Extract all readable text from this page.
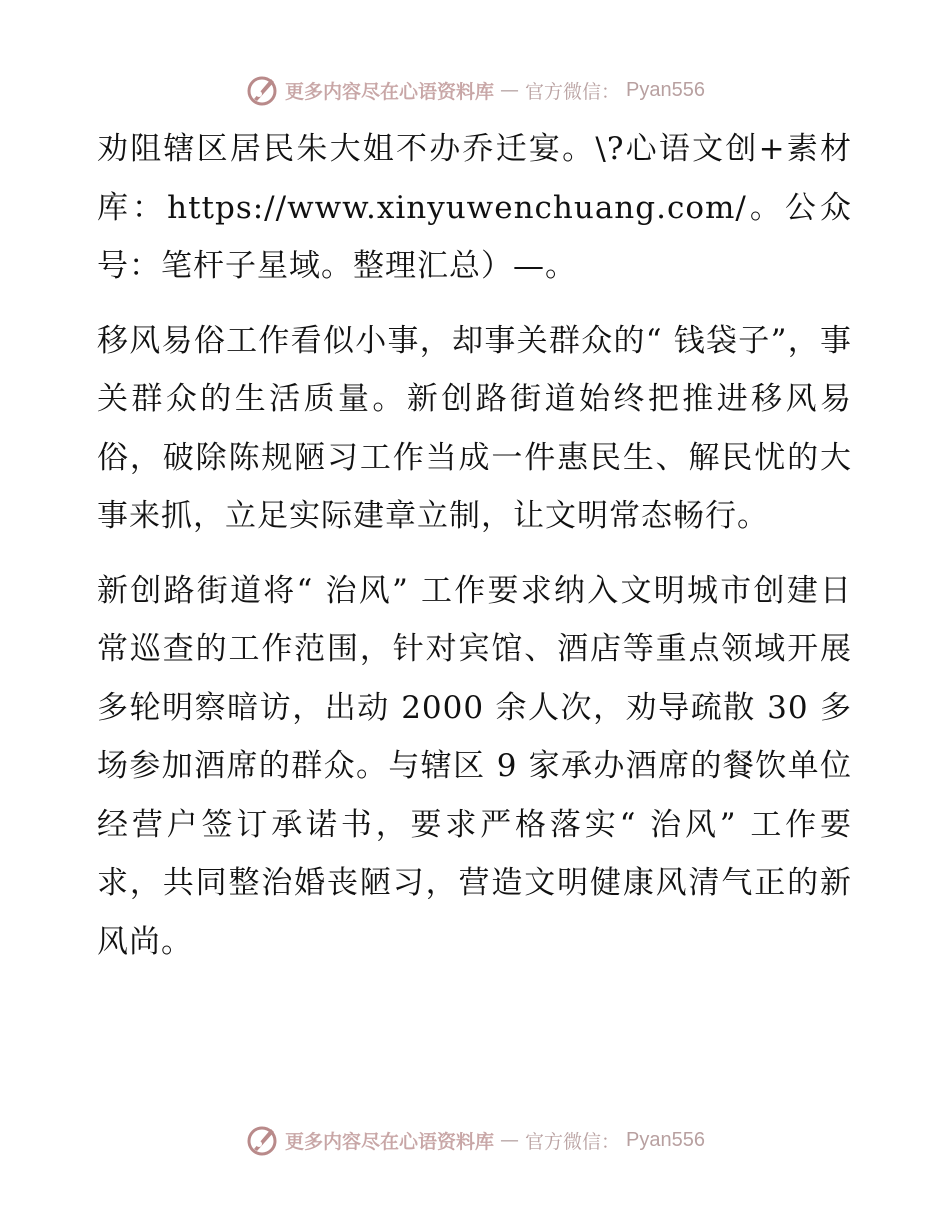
更多内容尽在心语资料库 — 官方微信： Pyan556

劝阻辖区居民朱大姐不办乔迁宴。\?心语文创+素材库：https://www.xinyuwenchuang.com/。公众号：笔杆子星域。整理汇总）—。

移风易俗工作看似小事，却事关群众的“ 钱袋子”，事关群众的生活质量。新创路街道始终把推进移风易俗，破除陈规陋习工作当成一件惠民生、解民忧的大事来抓，立足实际建章立制，让文明常态畅行。

新创路街道将“ 治风” 工作要求纳入文明城市创建日常巡查的工作范围，针对宾馆、酒店等重点领域开展多轮明察暗访，出动 2000 余人次，劝导疏散 30 多场参加酒席的群众。与辖区 9 家承办酒席的餐饮单位经营户签订承诺书，要求严格落实“ 治风” 工作要求，共同整治婚丧陋习，营造文明健康风清气正的新风尚。

更多内容尽在心语资料库 — 官方微信： Pyan556
